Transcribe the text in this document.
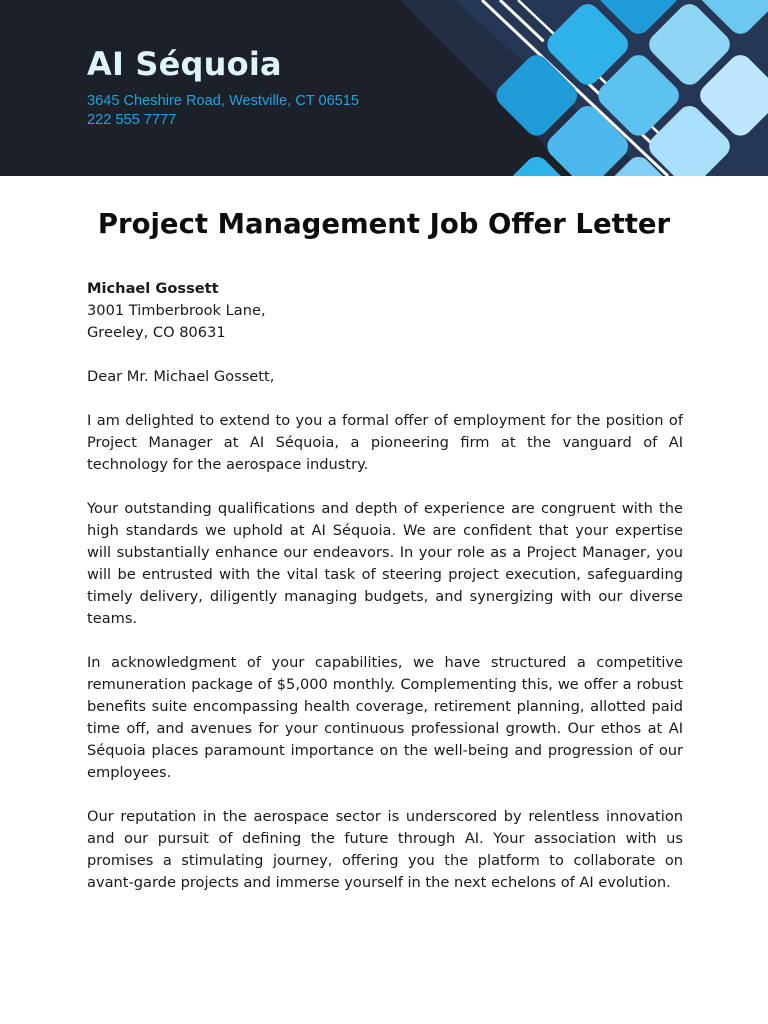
AI Séquoia
3645 Cheshire Road, Westville, CT 06515
222 555 7777
Project Management Job Offer Letter

Michael Gossett

3001 Timberbrook Lane,

Greeley, CO 80631

Dear Mr. Michael Gossett,

I am delighted to extend to you a formal offer of employment for the position of Project Manager at AI Séquoia, a pioneering firm at the vanguard of AI technology for the aerospace industry.

Your outstanding qualifications and depth of experience are congruent with the high standards we uphold at AI Séquoia. We are confident that your expertise will substantially enhance our endeavors. In your role as a Project Manager, you will be entrusted with the vital task of steering project execution, safeguarding timely delivery, diligently managing budgets, and synergizing with our diverse teams.

In acknowledgment of your capabilities, we have structured a competitive remuneration package of $5,000 monthly. Complementing this, we offer a robust benefits suite encompassing health coverage, retirement planning, allotted paid time off, and avenues for your continuous professional growth. Our ethos at AI Séquoia places paramount importance on the well-being and progression of our employees.

Our reputation in the aerospace sector is underscored by relentless innovation and our pursuit of defining the future through AI. Your association with us promises a stimulating journey, offering you the platform to collaborate on avant-garde projects and immerse yourself in the next echelons of AI evolution.
